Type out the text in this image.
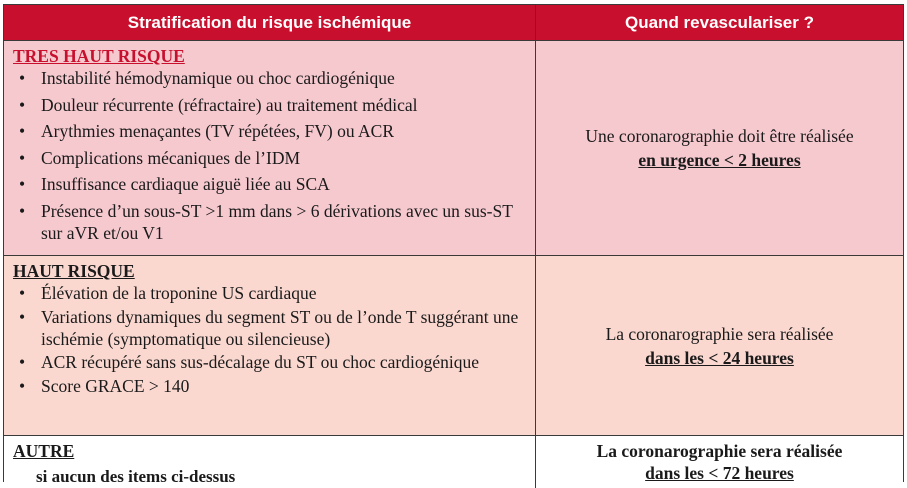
Stratification du risque ischémique	Quand revasculariser ?
TRES HAUT RISQUE
• Instabilité hémodynamique ou choc cardiogénique
• Douleur récurrente (réfractaire) au traitement médical
• Arythmies menaçantes (TV répétées, FV) ou ACR
• Complications mécaniques de l’IDM
• Insuffisance cardiaque aiguë liée au SCA
• Présence d’un sous-ST >1 mm dans > 6 dérivations avec un sus-ST sur aVR et/ou V1
Une coronarographie doit être réalisée
en urgence < 2 heures
HAUT RISQUE
• Élévation de la troponine US cardiaque
• Variations dynamiques du segment ST ou de l’onde T suggérant une ischémie (symptomatique ou silencieuse)
• ACR récupéré sans sus-décalage du ST ou choc cardiogénique
• Score GRACE > 140
La coronarographie sera réalisée
dans les < 24 heures
AUTRE
si aucun des items ci-dessus
La coronarographie sera réalisée
dans les < 72 heures
